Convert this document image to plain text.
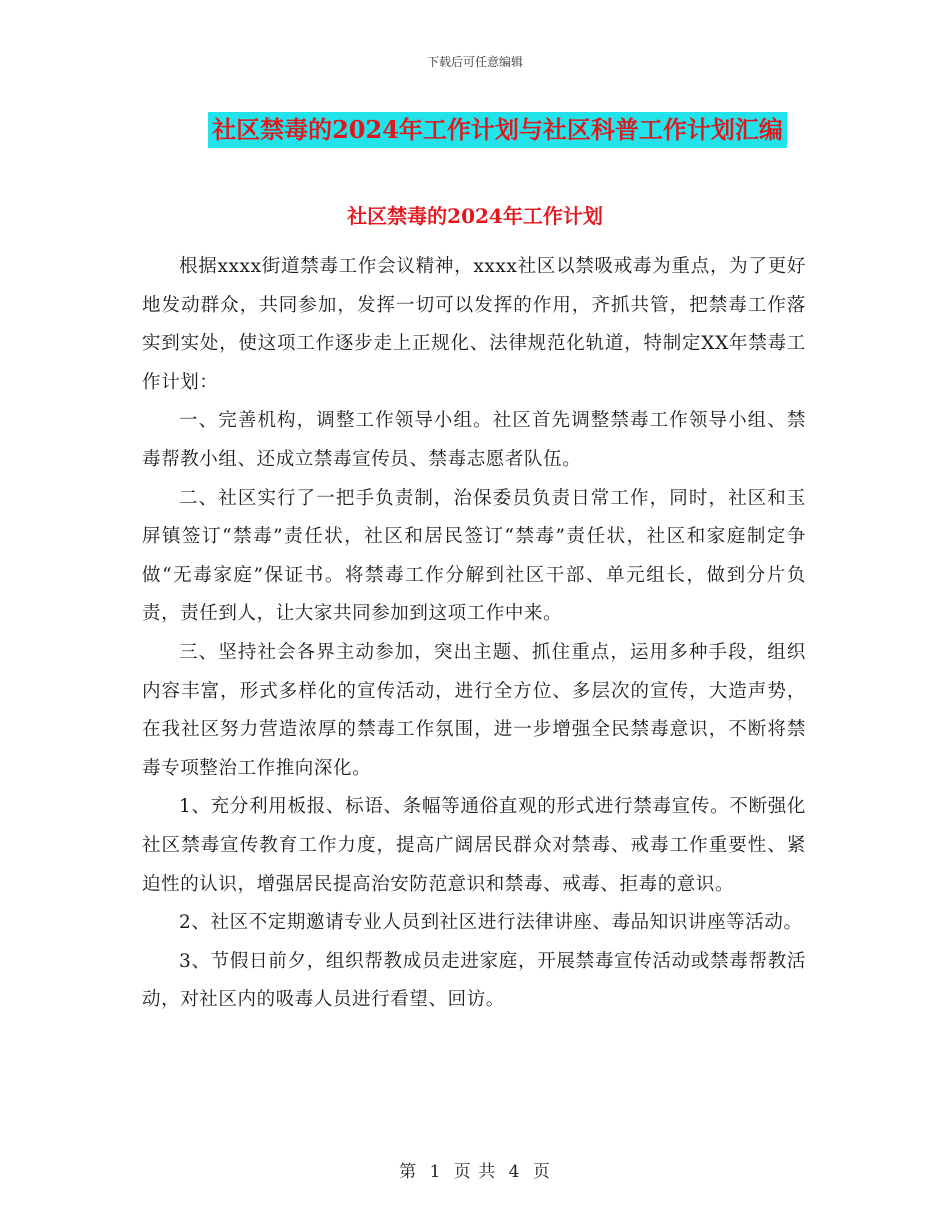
下载后可任意编辑
社区禁毒的2024年工作计划与社区科普工作计划汇编
社区禁毒的2024年工作计划

根据xxxx街道禁毒工作会议精神，xxxx社区以禁吸戒毒为重点，为了更好地发动群众，共同参加，发挥一切可以发挥的作用，齐抓共管，把禁毒工作落实到实处，使这项工作逐步走上正规化、法律规范化轨道，特制定XX年禁毒工作计划：

一、完善机构，调整工作领导小组。社区首先调整禁毒工作领导小组、禁毒帮教小组、还成立禁毒宣传员、禁毒志愿者队伍。

二、社区实行了一把手负责制，治保委员负责日常工作，同时，社区和玉屏镇签订“禁毒”责任状，社区和居民签订“禁毒”责任状，社区和家庭制定争做“无毒家庭”保证书。将禁毒工作分解到社区干部、单元组长，做到分片负责，责任到人，让大家共同参加到这项工作中来。

三、坚持社会各界主动参加，突出主题、抓住重点，运用多种手段，组织内容丰富，形式多样化的宣传活动，进行全方位、多层次的宣传，大造声势，在我社区努力营造浓厚的禁毒工作氛围，进一步增强全民禁毒意识，不断将禁毒专项整治工作推向深化。

1、充分利用板报、标语、条幅等通俗直观的形式进行禁毒宣传。不断强化社区禁毒宣传教育工作力度，提高广阔居民群众对禁毒、戒毒工作重要性、紧迫性的认识，增强居民提高治安防范意识和禁毒、戒毒、拒毒的意识。

2、社区不定期邀请专业人员到社区进行法律讲座、毒品知识讲座等活动。

3、节假日前夕，组织帮教成员走进家庭，开展禁毒宣传活动或禁毒帮教活动，对社区内的吸毒人员进行看望、回访。

第 1 页 共 4 页
